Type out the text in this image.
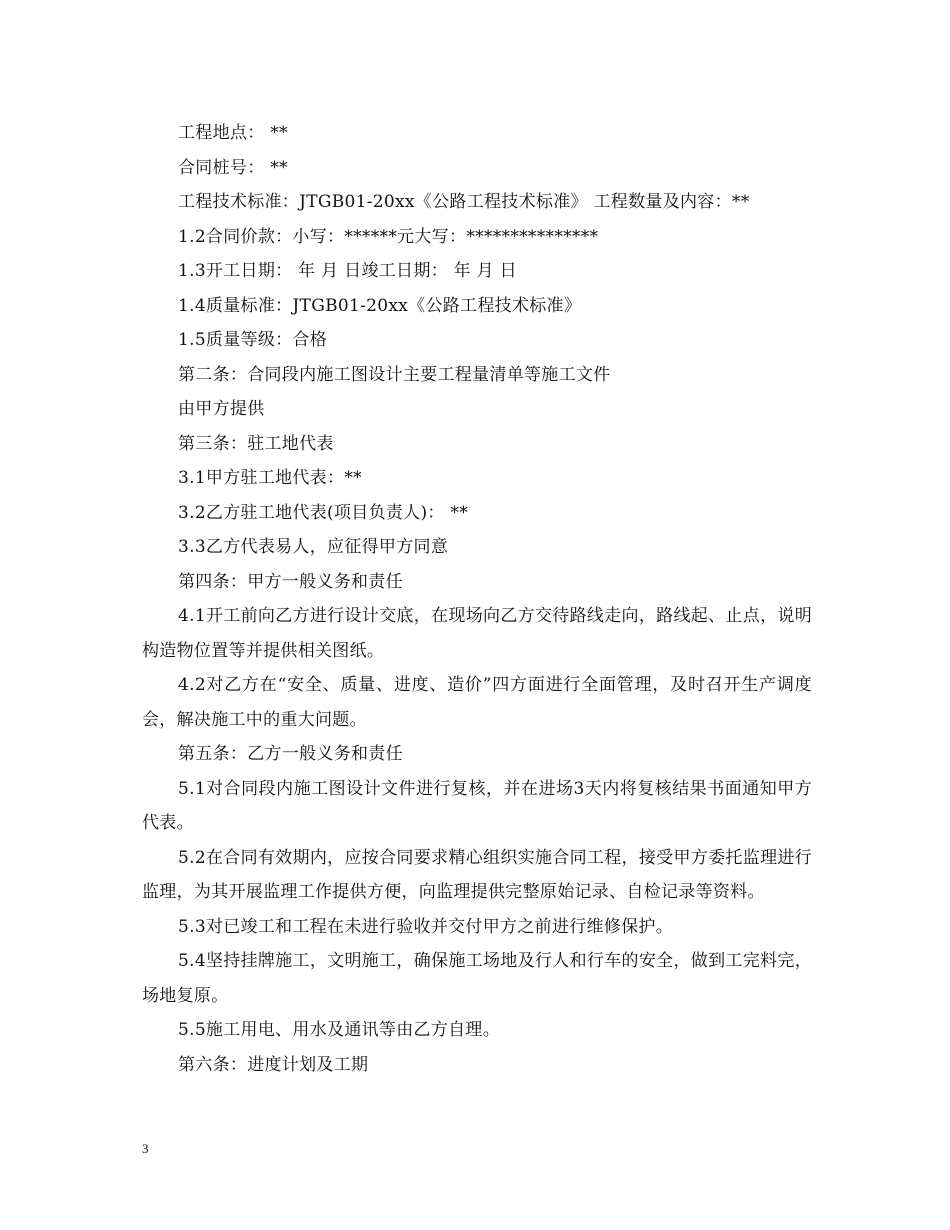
工程地点： **
合同桩号： **
工程技术标准：JTGB01-20xx《公路工程技术标准》 工程数量及内容：**
1.2合同价款：小写：******元大写：***************
1.3开工日期： 年 月 日竣工日期： 年 月 日
1.4质量标准：JTGB01-20xx《公路工程技术标准》
1.5质量等级：合格
第二条：合同段内施工图设计主要工程量清单等施工文件
由甲方提供
第三条：驻工地代表
3.1甲方驻工地代表：**
3.2乙方驻工地代表(项目负责人)： **
3.3乙方代表易人，应征得甲方同意
第四条：甲方一般义务和责任
4.1开工前向乙方进行设计交底，在现场向乙方交待路线走向，路线起、止点，说明构造物位置等并提供相关图纸。
4.2对乙方在“安全、质量、进度、造价”四方面进行全面管理，及时召开生产调度会，解决施工中的重大问题。
第五条：乙方一般义务和责任
5.1对合同段内施工图设计文件进行复核，并在进场3天内将复核结果书面通知甲方代表。
5.2在合同有效期内，应按合同要求精心组织实施合同工程，接受甲方委托监理进行监理，为其开展监理工作提供方便，向监理提供完整原始记录、自检记录等资料。
5.3对已竣工和工程在未进行验收并交付甲方之前进行维修保护。
5.4坚持挂牌施工，文明施工，确保施工场地及行人和行车的安全，做到工完料完，场地复原。
5.5施工用电、用水及通讯等由乙方自理。
第六条：进度计划及工期
3
